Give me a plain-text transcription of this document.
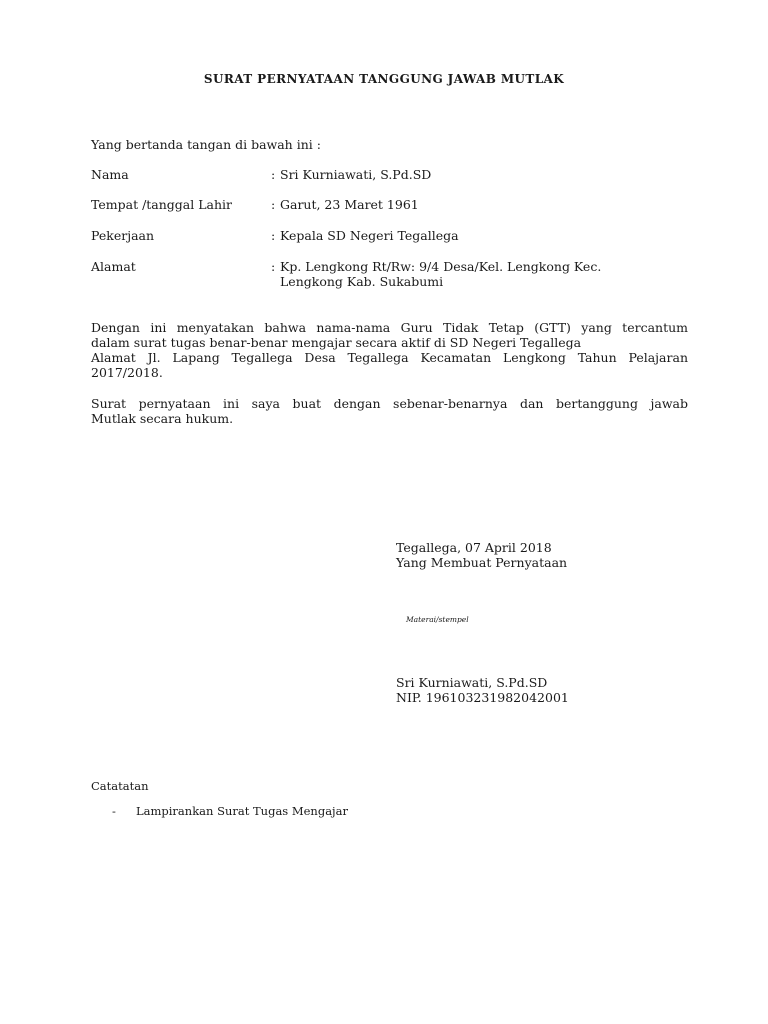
SURAT PERNYATAAN TANGGUNG JAWAB MUTLAK
Yang bertanda tangan di bawah ini :
Nama	: Sri Kurniawati, S.Pd.SD
Tempat /tanggal Lahir	: Garut, 23 Maret 1961
Pekerjaan	: Kepala SD Negeri Tegallega
Alamat	: Kp. Lengkong Rt/Rw: 9/4 Desa/Kel. Lengkong Kec.
Lengkong Kab. Sukabumi
Dengan ini menyatakan bahwa nama-nama Guru Tidak Tetap (GTT) yang tercantum
dalam surat tugas benar-benar mengajar secara aktif di SD Negeri Tegallega
Alamat Jl. Lapang Tegallega Desa Tegallega Kecamatan Lengkong Tahun Pelajaran
2017/2018.
Surat pernyataan ini saya buat dengan sebenar-benarnya dan bertanggung jawab
Mutlak secara hukum.
Tegallega, 07 April 2018
Yang Membuat Pernyataan
Materai/stempel
Sri Kurniawati, S.Pd.SD
NIP. 196103231982042001
Catatatan
- Lampirankan Surat Tugas Mengajar
